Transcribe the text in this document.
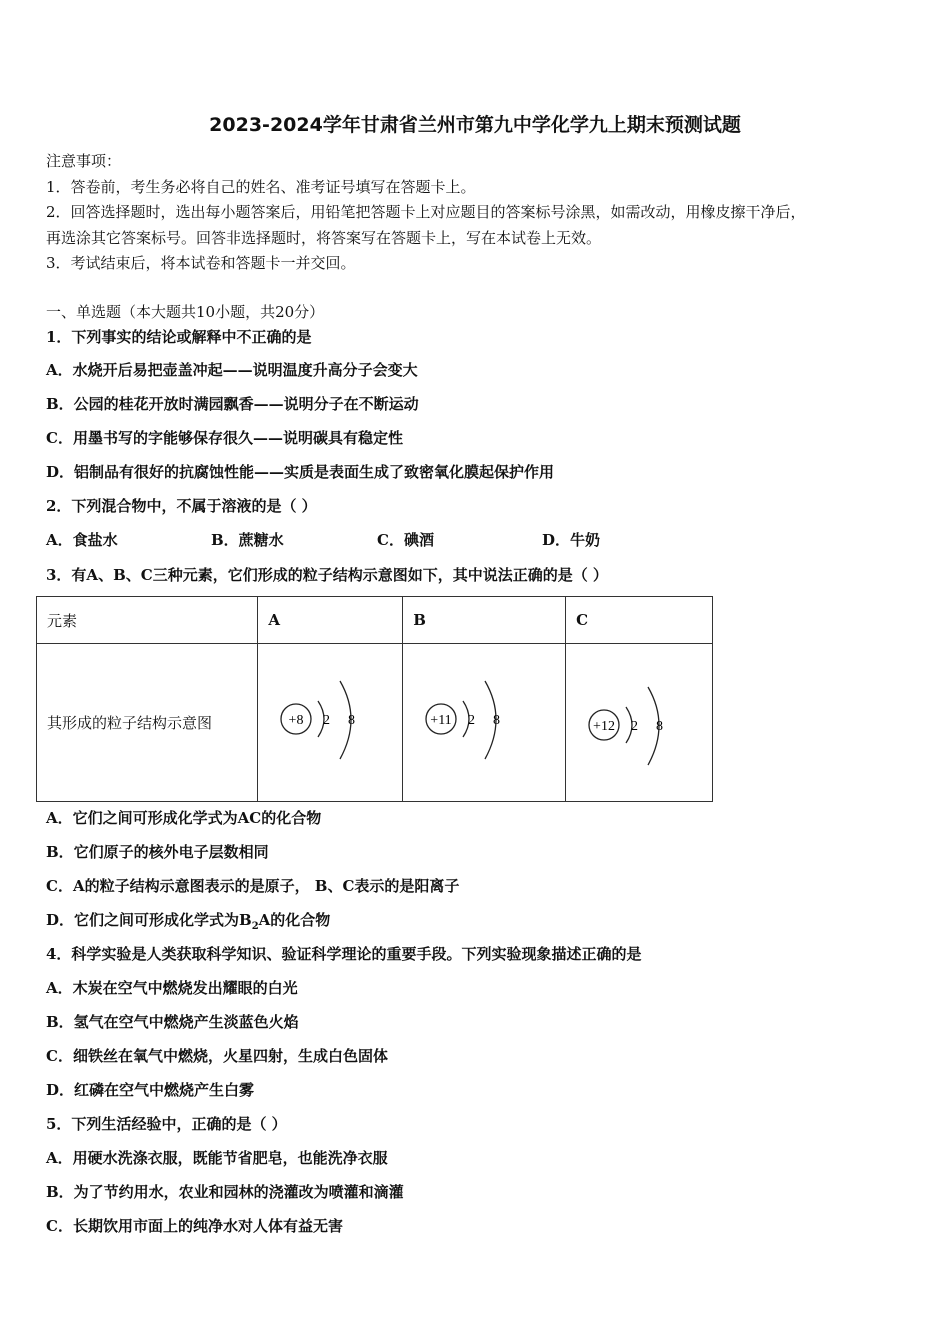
2023-2024学年甘肃省兰州市第九中学化学九上期末预测试题
注意事项：
1．答卷前，考生务必将自己的姓名、准考证号填写在答题卡上。
2．回答选择题时，选出每小题答案后，用铅笔把答题卡上对应题目的答案标号涂黑，如需改动，用橡皮擦干净后，
再选涂其它答案标号。回答非选择题时，将答案写在答题卡上，写在本试卷上无效。
3．考试结束后，将本试卷和答题卡一并交回。
一、单选题（本大题共10小题，共20分）
1．下列事实的结论或解释中不正确的是
A．水烧开后易把壶盖冲起——说明温度升高分子会变大
B．公园的桂花开放时满园飘香——说明分子在不断运动
C．用墨书写的字能够保存很久——说明碳具有稳定性
D．铝制品有很好的抗腐蚀性能——实质是表面生成了致密氧化膜起保护作用
2．下列混合物中，不属于溶液的是（ ）
A．食盐水	B．蔗糖水	C．碘酒	D．牛奶
3．有A、B、C三种元素，它们形成的粒子结构示意图如下，其中说法正确的是（ ）
元素	A	B	C
其形成的粒子结构示意图	+8 2 8	+11 2 8	+12 2 8
A．它们之间可形成化学式为AC的化合物
B．它们原子的核外电子层数相同
C．A的粒子结构示意图表示的是原子， B、C表示的是阳离子
D．它们之间可形成化学式为$B_2A$的化合物
4．科学实验是人类获取科学知识、验证科学理论的重要手段。下列实验现象描述正确的是
A．木炭在空气中燃烧发出耀眼的白光
B．氢气在空气中燃烧产生淡蓝色火焰
C．细铁丝在氧气中燃烧，火星四射，生成白色固体
D．红磷在空气中燃烧产生白雾
5．下列生活经验中，正确的是（ ）
A．用硬水洗涤衣服，既能节省肥皂，也能洗净衣服
B．为了节约用水，农业和园林的浇灌改为喷灌和滴灌
C．长期饮用市面上的纯净水对人体有益无害
